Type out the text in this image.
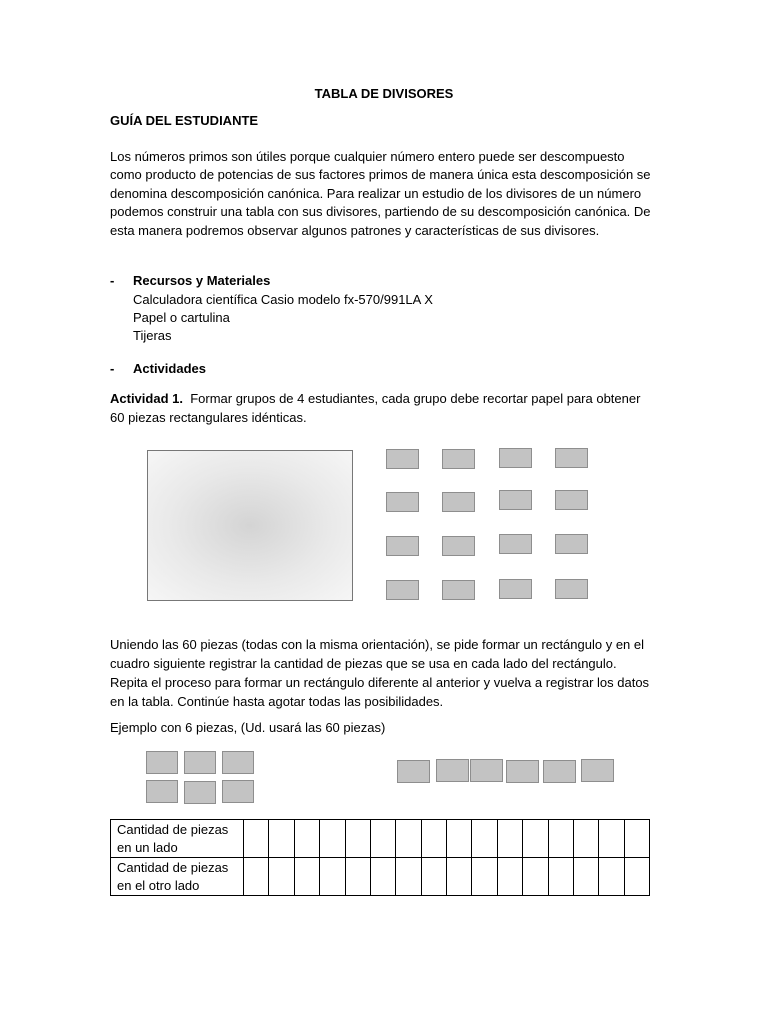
TABLA DE DIVISORES
GUÍA DEL ESTUDIANTE
Los números primos son útiles porque cualquier número entero puede ser descompuesto como producto de potencias de sus factores primos de manera única esta descomposición se denomina descomposición canónica. Para realizar un estudio de los divisores de un número podemos construir una tabla con sus divisores, partiendo de su descomposición canónica. De esta manera podremos observar algunos patrones y características de sus divisores.
- Recursos y Materiales
Calculadora científica Casio modelo fx-570/991LA X
Papel o cartulina
Tijeras
- Actividades
Actividad 1. Formar grupos de 4 estudiantes, cada grupo debe recortar papel para obtener 60 piezas rectangulares idénticas.
Uniendo las 60 piezas (todas con la misma orientación), se pide formar un rectángulo y en el cuadro siguiente registrar la cantidad de piezas que se usa en cada lado del rectángulo. Repita el proceso para formar un rectángulo diferente al anterior y vuelva a registrar los datos en la tabla. Continúe hasta agotar todas las posibilidades.
Ejemplo con 6 piezas, (Ud. usará las 60 piezas)
Cantidad de piezas en un lado																
Cantidad de piezas en el otro lado																
